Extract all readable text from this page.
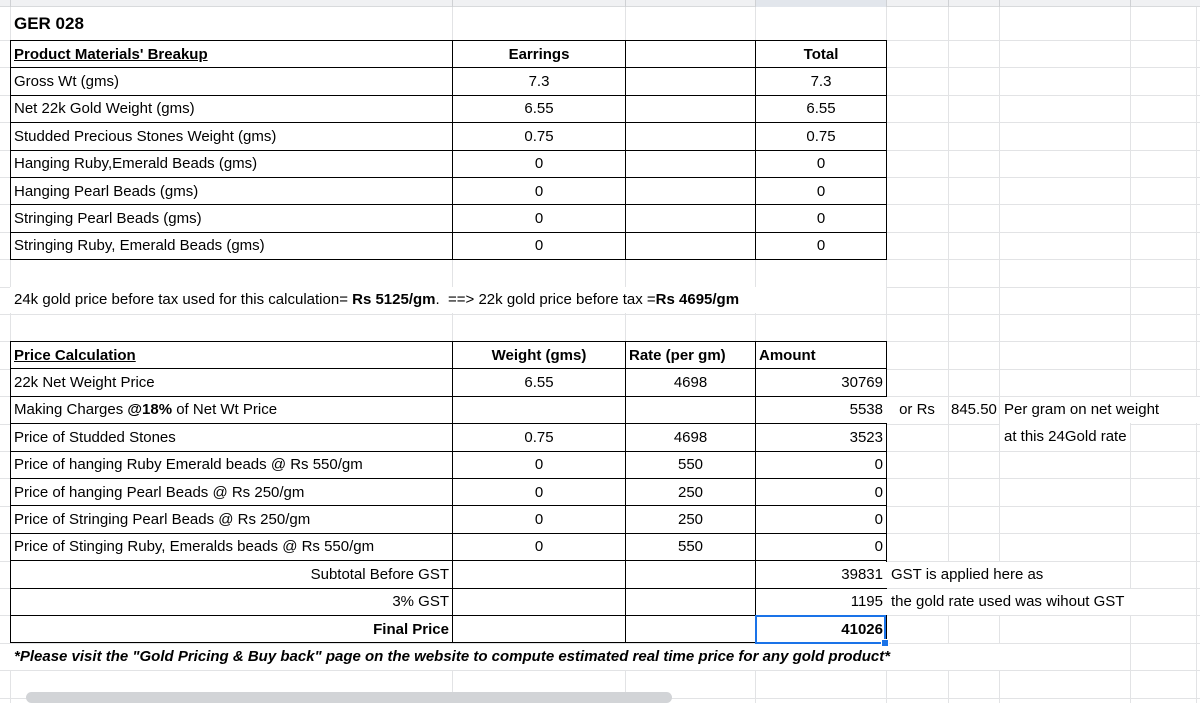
GER 028
Product Materials' Breakup	Earrings		Total
Gross Wt (gms)	7.3		7.3
Net 22k Gold Weight (gms)	6.55		6.55
Studded Precious Stones Weight (gms)	0.75		0.75
Hanging Ruby,Emerald Beads (gms)	0		0
Hanging Pearl Beads (gms)	0		0
Stringing Pearl Beads (gms)	0		0
Stringing Ruby, Emerald Beads (gms)	0		0
24k gold price before tax used for this calculation= Rs 5125/gm.  ==> 22k gold price before tax =Rs 4695/gm
Price Calculation	Weight (gms)	Rate (per gm)	Amount
22k Net Weight Price	6.55	4698	30769
Making Charges @18% of Net Wt Price			5538
Price of Studded Stones	0.75	4698	3523
Price of hanging Ruby Emerald beads @ Rs 550/gm	0	550	0
Price of hanging Pearl Beads @ Rs 250/gm	0	250	0
Price of Stringing Pearl Beads @ Rs 250/gm	0	250	0
Price of Stinging Ruby, Emeralds beads @ Rs 550/gm	0	550	0
Subtotal Before GST			39831
3% GST			1195
Final Price			41026
or Rs	845.50 Per gram on net weight
at this 24Gold rate
GST is applied here as
the gold rate used was wihout GST
*Please visit the "Gold Pricing & Buy back" page on the website to compute estimated real time price for any gold product*
